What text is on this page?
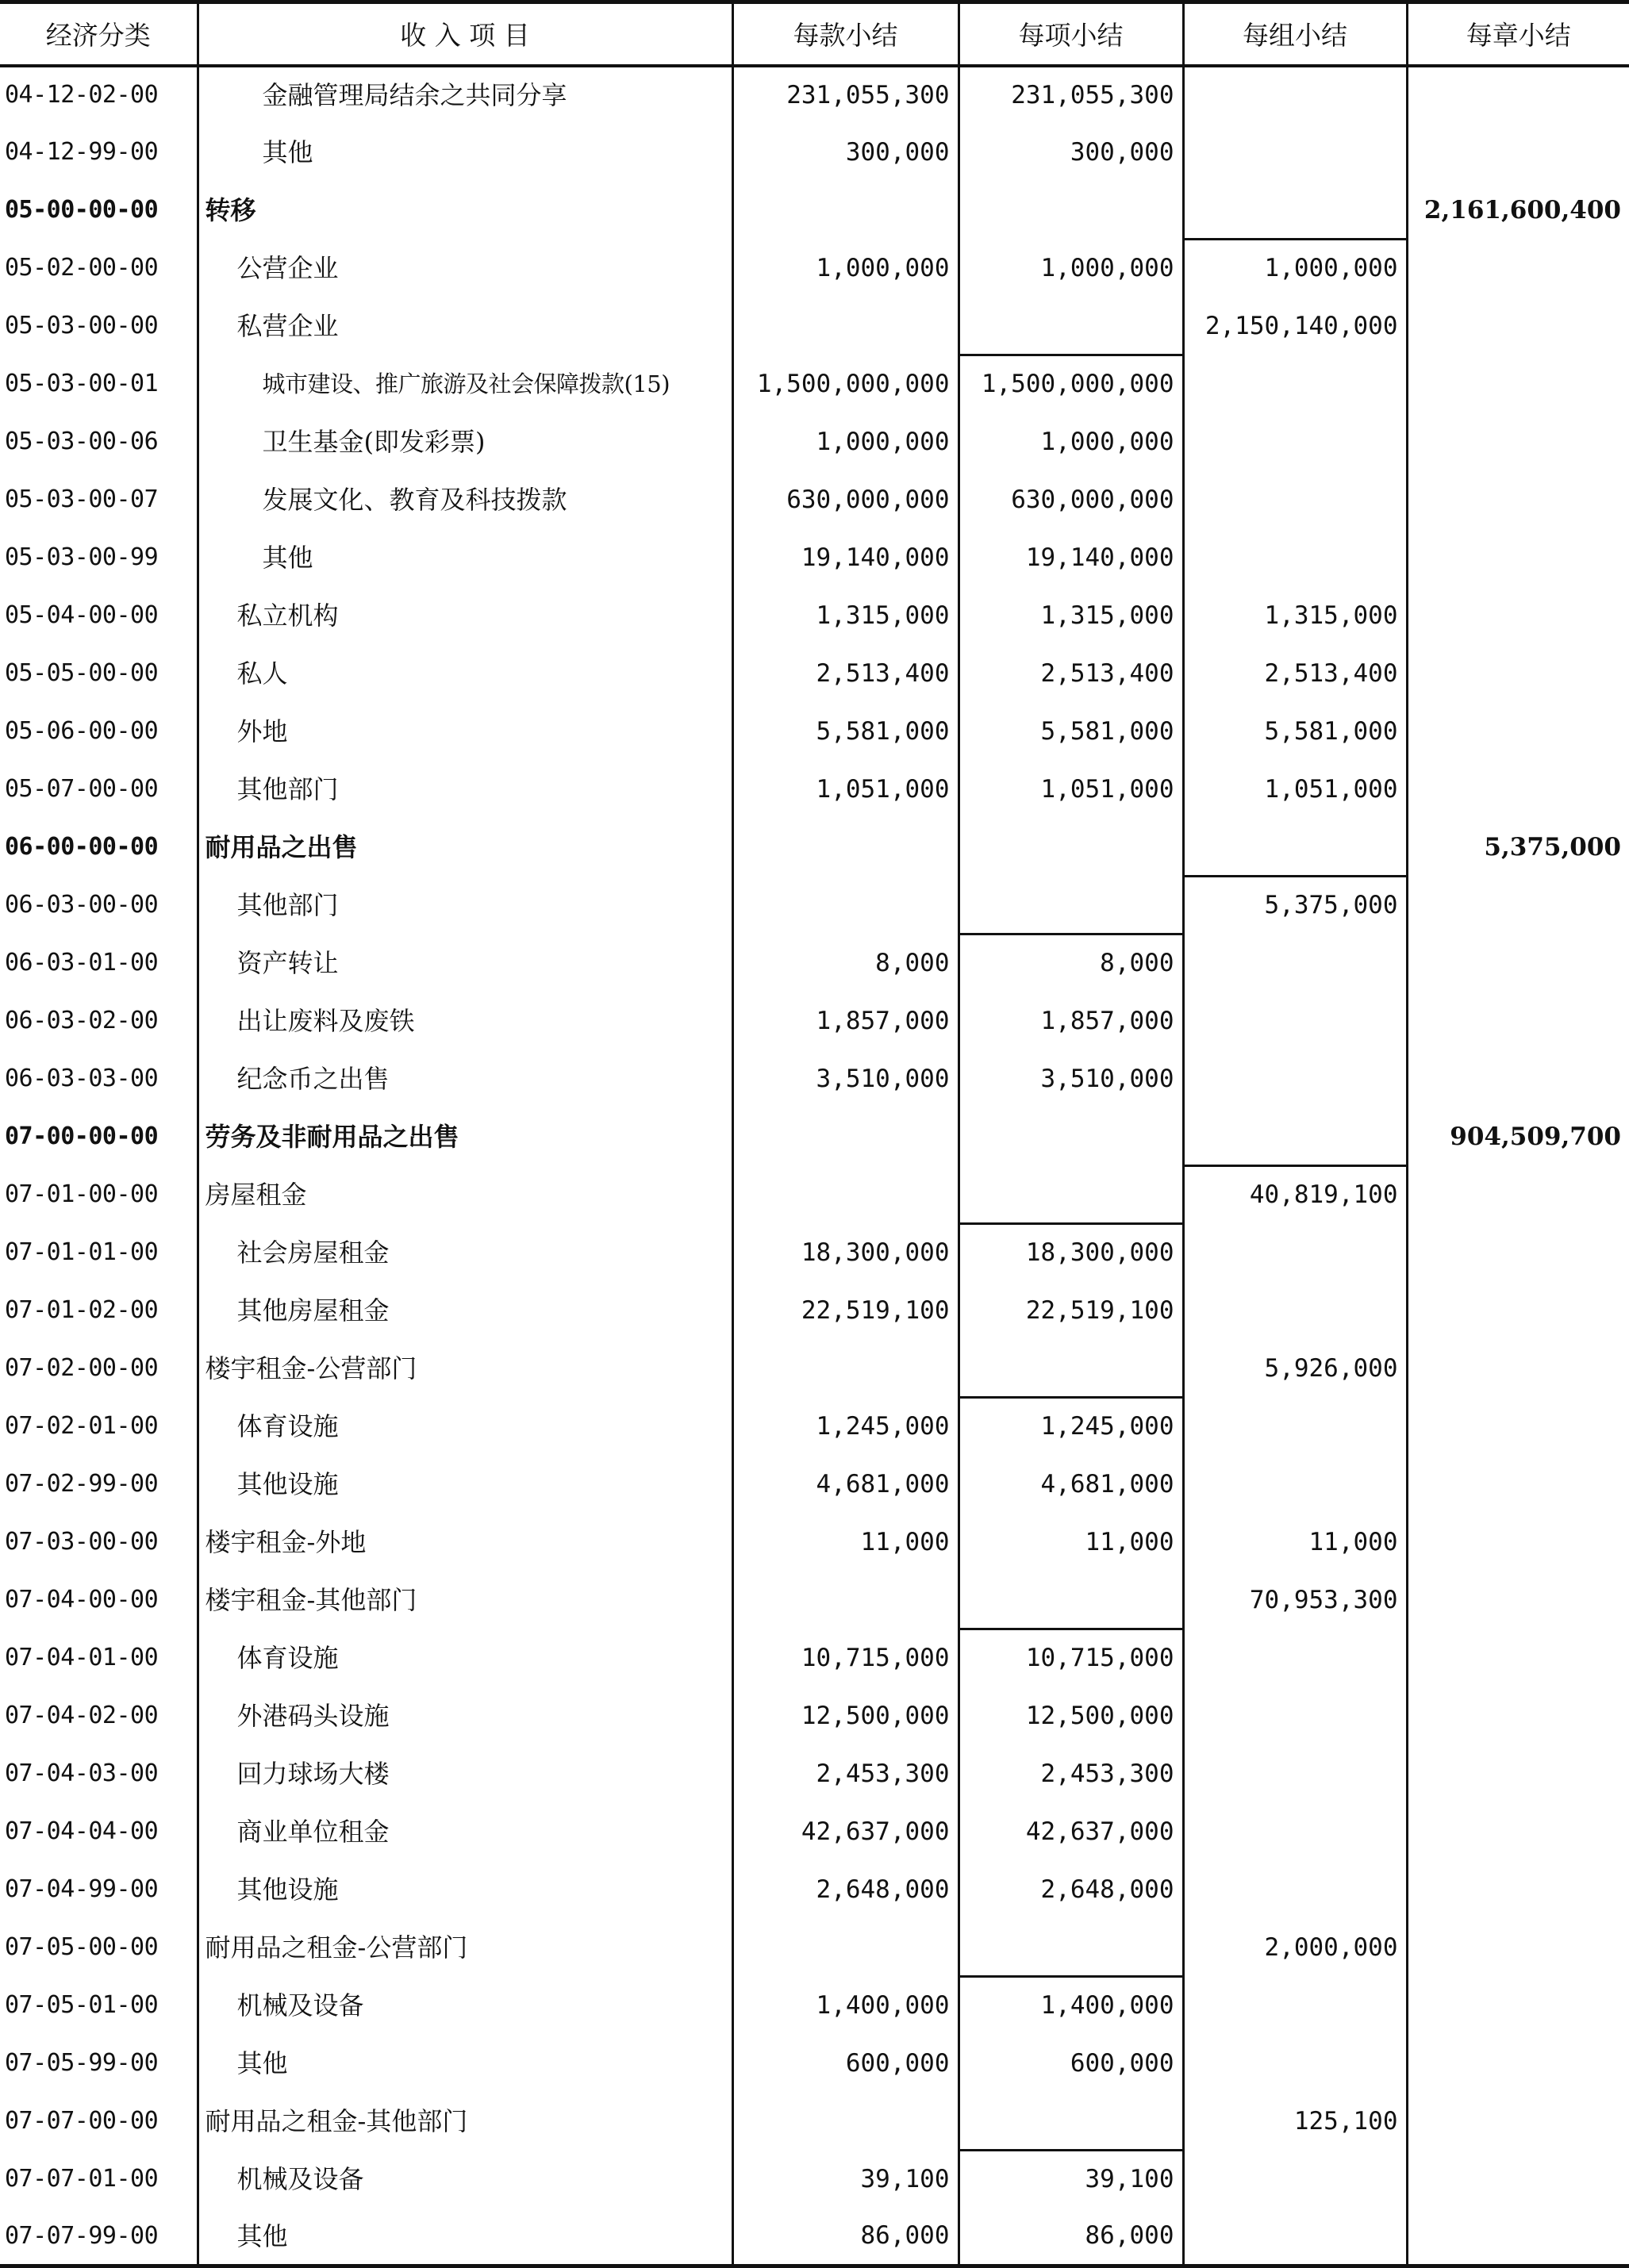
经济分类	收 入 项 目	每款小结	每项小结	每组小结	每章小结
04-12-02-00	金融管理局结余之共同分享	231,055,300	231,055,300		
04-12-99-00	其他	300,000	300,000		
05-00-00-00	转移				2,161,600,400
05-02-00-00	公营企业	1,000,000	1,000,000	1,000,000	
05-03-00-00	私营企业			2,150,140,000	
05-03-00-01	城市建设、推广旅游及社会保障拨款(15)	1,500,000,000	1,500,000,000		
05-03-00-06	卫生基金(即发彩票)	1,000,000	1,000,000		
05-03-00-07	发展文化、教育及科技拨款	630,000,000	630,000,000		
05-03-00-99	其他	19,140,000	19,140,000		
05-04-00-00	私立机构	1,315,000	1,315,000	1,315,000	
05-05-00-00	私人	2,513,400	2,513,400	2,513,400	
05-06-00-00	外地	5,581,000	5,581,000	5,581,000	
05-07-00-00	其他部门	1,051,000	1,051,000	1,051,000	
06-00-00-00	耐用品之出售				5,375,000
06-03-00-00	其他部门			5,375,000	
06-03-01-00	资产转让	8,000	8,000		
06-03-02-00	出让废料及废铁	1,857,000	1,857,000		
06-03-03-00	纪念币之出售	3,510,000	3,510,000		
07-00-00-00	劳务及非耐用品之出售				904,509,700
07-01-00-00	房屋租金			40,819,100	
07-01-01-00	社会房屋租金	18,300,000	18,300,000		
07-01-02-00	其他房屋租金	22,519,100	22,519,100		
07-02-00-00	楼宇租金-公营部门			5,926,000	
07-02-01-00	体育设施	1,245,000	1,245,000		
07-02-99-00	其他设施	4,681,000	4,681,000		
07-03-00-00	楼宇租金-外地	11,000	11,000	11,000	
07-04-00-00	楼宇租金-其他部门			70,953,300	
07-04-01-00	体育设施	10,715,000	10,715,000		
07-04-02-00	外港码头设施	12,500,000	12,500,000		
07-04-03-00	回力球场大楼	2,453,300	2,453,300		
07-04-04-00	商业单位租金	42,637,000	42,637,000		
07-04-99-00	其他设施	2,648,000	2,648,000		
07-05-00-00	耐用品之租金-公营部门			2,000,000	
07-05-01-00	机械及设备	1,400,000	1,400,000		
07-05-99-00	其他	600,000	600,000		
07-07-00-00	耐用品之租金-其他部门			125,100	
07-07-01-00	机械及设备	39,100	39,100		
07-07-99-00	其他	86,000	86,000		
